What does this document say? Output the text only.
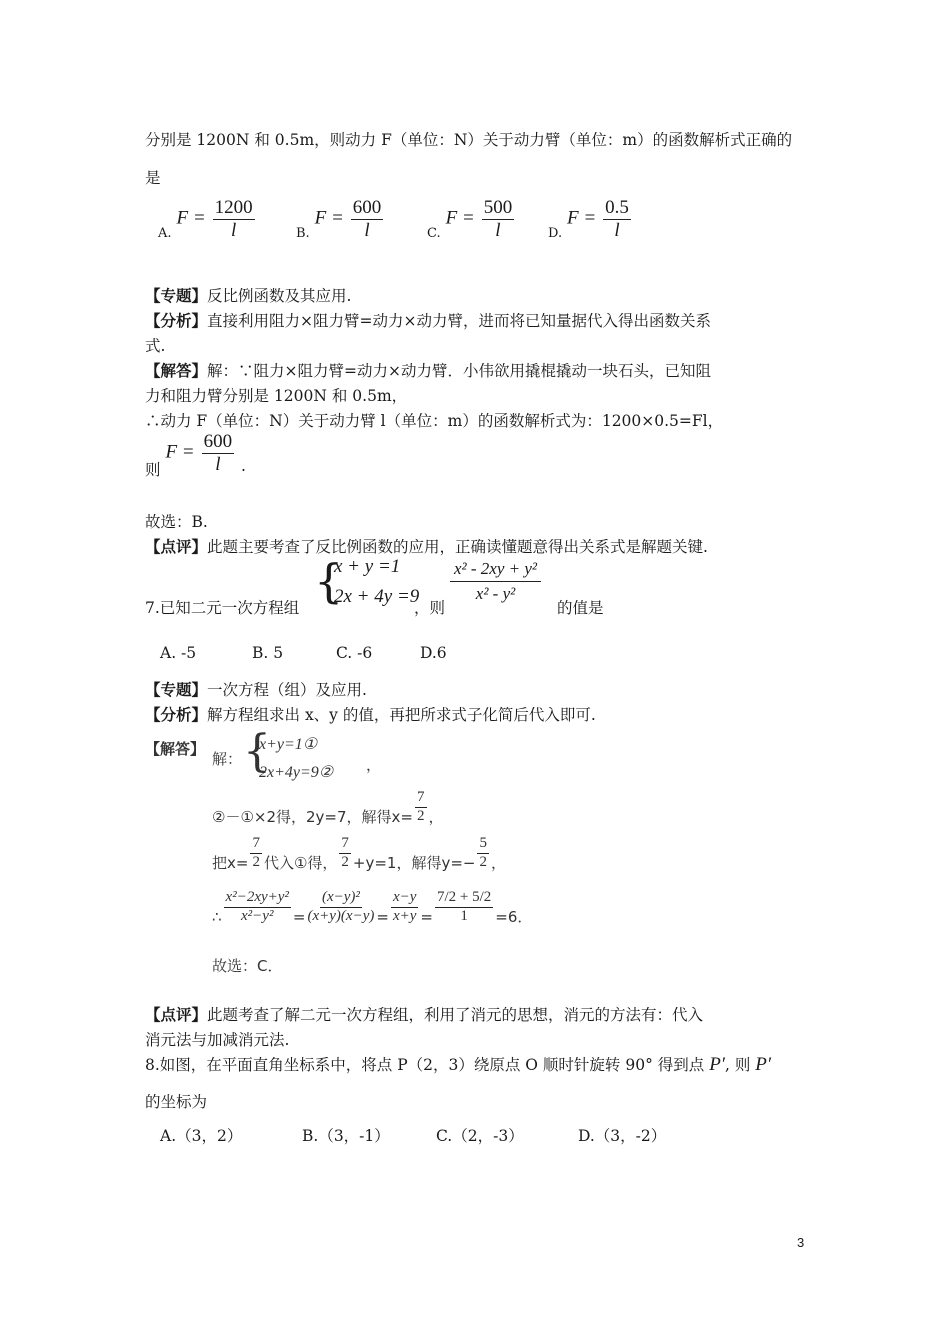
分别是 1200N 和 0.5m，则动力 F（单位：N）关于动力臂（单位：m）的函数解析式正确的
是
$_{A.}$ $F = \frac{1200}{l}$	$_{B.}$ $F = \frac{600}{l}$	$_{C.}$ $F = \frac{500}{l}$	$_{D.}$ $F = \frac{0.5}{l}$
【专题】反比例函数及其应用.
【分析】直接利用阻力×阻力臂=动力×动力臂，进而将已知量据代入得出函数关系
式.
【解答】解：∵阻力×阻力臂=动力×动力臂．小伟欲用撬棍撬动一块石头，已知阻
力和阻力臂分别是 1200N 和 0.5m，
∴动力 F（单位：N）关于动力臂 l（单位：m）的函数解析式为：1200×0.5=Fl，
则 $F = \frac{600}{l}$ .
故选：B.
【点评】此题主要考查了反比例函数的应用，正确读懂题意得出关系式是解题关键.
7.已知二元一次方程组 {
x + y =1
2x + 4y =9
，则
$\frac{\text{x² - 2xy + y²}}{\text{x² - y²}}$
的值是
A. -5	B. 5	C. -6	D.6
【专题】一次方程（组）及应用.
【分析】解方程组求出 x、y 的值，再把所求式子化简后代入即可.
【解答】
解： {
x+y=1①
2x+4y=9② ，
②－①×2得，2y=7，解得$x= \frac{7}{2}$ ，
把$x= \frac{7}{2}$ 代入①得， $\frac{7}{2} +y=1$，解得$y=- \frac{5}{2}$ ，
∴ $\frac{\text{x²−2xy+y²}}{\text{x²−y²}} = \frac{\text{(x−y)²}}{(x+y)(x-y)} = \frac{x-y}{x+y} = \frac{7/2 + 5/2}{1} =6$．
故选：C．
【点评】此题考查了解二元一次方程组，利用了消元的思想，消元的方法有：代入
消元法与加减消元法.
8.如图，在平面直角坐标系中，将点 P（2，3）绕原点 O 顺时针旋转 90° 得到点 P′, 则 P′
的坐标为
A.（3，2）	B.（3，-1）	C.（2，-3）	D.（3，-2）
3
